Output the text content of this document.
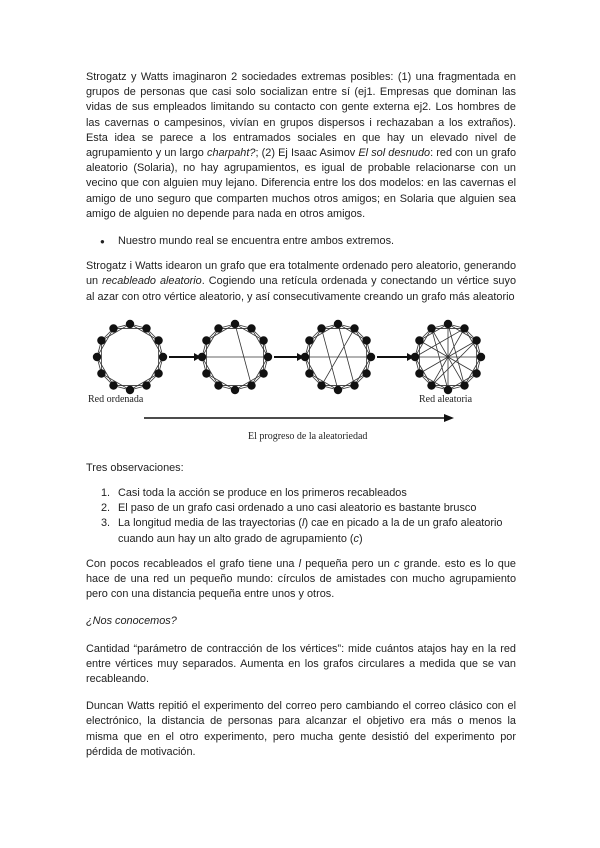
Strogatz y Watts imaginaron 2 sociedades extremas posibles: (1) una fragmentada en grupos de personas que casi solo socializan entre sí (ej1. Empresas que dominan las vidas de sus empleados limitando su contacto con gente externa ej2. Los hombres de las cavernas o campesinos, vivían en grupos dispersos i rechazaban a los extraños). Esta idea se parece a los entramados sociales en que hay un elevado nivel de agrupamiento y un largo charpaht?; (2) Ej Isaac Asimov El sol desnudo: red con un grafo aleatorio (Solaria), no hay agrupamientos, es igual de probable relacionarse con un vecino que con alguien muy lejano. Diferencia entre los dos modelos: en las cavernas el amigo de uno seguro que comparten muchos otros amigos; en Solaria que alguien sea amigo de alguien no depende para nada en otros amigos.

● Nuestro mundo real se encuentra entre ambos extremos.

Strogatz i Watts idearon un grafo que era totalmente ordenado pero aleatorio, generando un recableado aleatorio. Cogiendo una retícula ordenada y conectando un vértice suyo al azar con otro vértice aleatorio, y así consecutivamente creando un grafo más aleatorio

Red ordenada	Red aleatoria
El progreso de la aleatoriedad

Tres observaciones:

1. Casi toda la acción se produce en los primeros recableados
2. El paso de un grafo casi ordenado a uno casi aleatorio es bastante brusco
3. La longitud media de las trayectorias (l) cae en picado a la de un grafo aleatorio cuando aun hay un alto grado de agrupamiento (c)

Con pocos recableados el grafo tiene una l pequeña pero un c grande. esto es lo que hace de una red un pequeño mundo: círculos de amistades con mucho agrupamiento pero con una distancia pequeña entre unos y otros.

¿Nos conocemos?

Cantidad “parámetro de contracción de los vértices”: mide cuántos atajos hay en la red entre vértices muy separados. Aumenta en los grafos circulares a medida que se van recableando.

Duncan Watts repitió el experimento del correo pero cambiando el correo clásico con el electrónico, la distancia de personas para alcanzar el objetivo era más o menos la misma que en el otro experimento, pero mucha gente desistió del experimento por pérdida de motivación.
